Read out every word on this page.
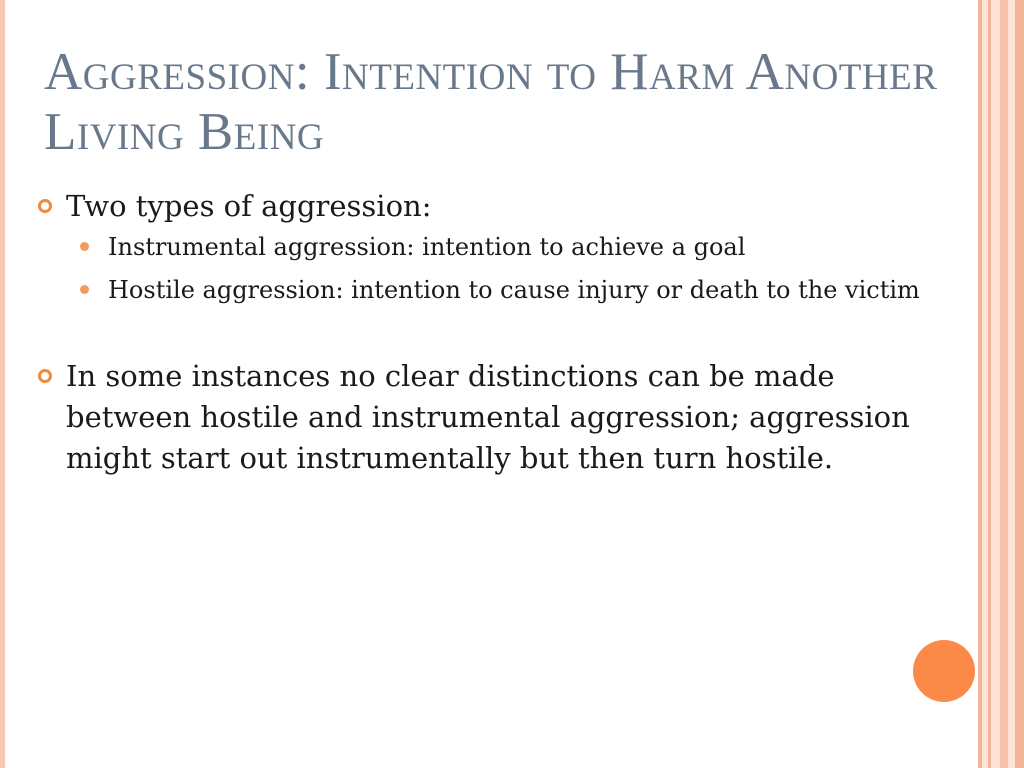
Aggression: Intention to Harm Another Living Being
Two types of aggression:
Instrumental aggression: intention to achieve a goal
Hostile aggression: intention to cause injury or death to the victim
In some instances no clear distinctions can be made between hostile and instrumental aggression; aggression might start out instrumentally but then turn hostile.
